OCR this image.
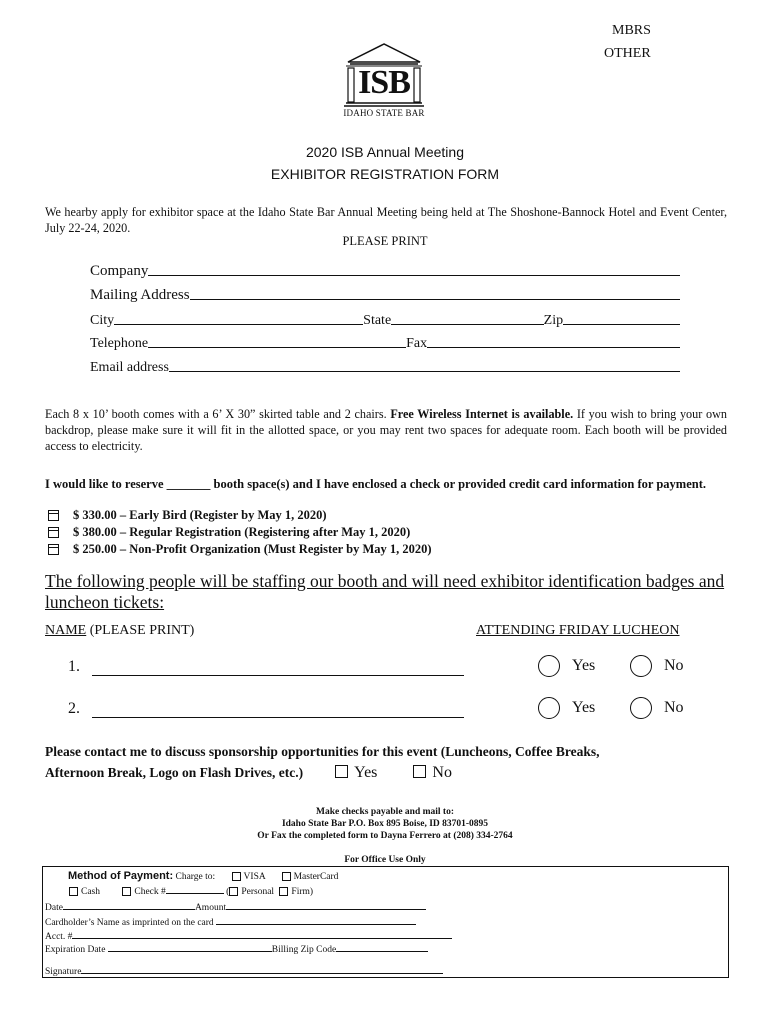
MBRS
OTHER
ISB
IDAHO STATE BAR
2020 ISB Annual Meeting
EXHIBITOR REGISTRATION FORM
We hearby apply for exhibitor space at the Idaho State Bar Annual Meeting being held at The Shoshone-Bannock Hotel and Event Center, July 22-24, 2020.
PLEASE PRINT
Company
Mailing Address
City	State	Zip
Telephone	Fax
Email address
Each 8 x 10’ booth comes with a 6’ X 30” skirted table and 2 chairs. Free Wireless Internet is available. If you wish to bring your own backdrop, please make sure it will fit in the allotted space, or you may rent two spaces for adequate room. Each booth will be provided access to electricity.
I would like to reserve _______ booth space(s) and I have enclosed a check or provided credit card information for payment.
$ 330.00 – Early Bird (Register by May 1, 2020)
$ 380.00 – Regular Registration (Registering after May 1, 2020)
$ 250.00 – Non-Profit Organization (Must Register by May 1, 2020)
The following people will be staffing our booth and will need exhibitor identification badges and luncheon tickets:
NAME (PLEASE PRINT)	ATTENDING FRIDAY LUCHEON
1.	Yes	No
2.	Yes	No
Please contact me to discuss sponsorship opportunities for this event (Luncheons, Coffee Breaks,
Afternoon Break, Logo on Flash Drives, etc.)	Yes	No
Make checks payable and mail to:
Idaho State Bar P.O. Box 895 Boise, ID 83701-0895
Or Fax the completed form to Dayna Ferrero at (208) 334-2764
For Office Use Only
Method of Payment: Charge to:	VISA	MasterCard
Cash	Check #	( Personal Firm)
Date	Amount
Cardholder’s Name as imprinted on the card
Acct. #
Expiration Date	Billing Zip Code
Signature
